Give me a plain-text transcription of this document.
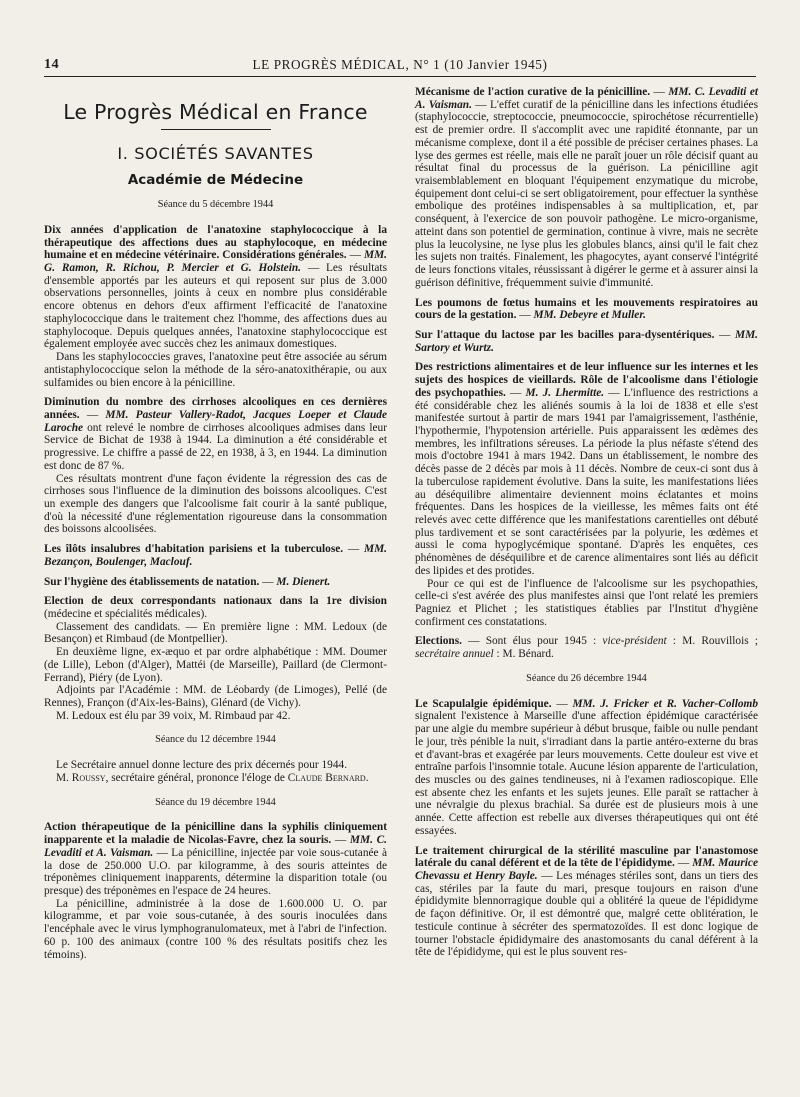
14	LE PROGRÈS MÉDICAL, N° 1 (10 Janvier 1945)
Le Progrès Médical en France
I. SOCIÉTÉS SAVANTES
Académie de Médecine
Séance du 5 décembre 1944

Dix années d'application de l'anatoxine staphylococcique à la thérapeutique des affections dues au staphylocoque, en médecine humaine et en médecine vétérinaire. Considérations générales. — MM. G. Ramon, R. Richou, P. Mercier et G. Holstein. — Les résultats d'ensemble apportés par les auteurs et qui reposent sur plus de 3.000 observations personnelles, joints à ceux en nombre plus considérable encore obtenus en dehors d'eux affirment l'efficacité de l'anatoxine staphylococcique dans le traitement chez l'homme, des affections dues au staphylocoque. Depuis quelques années, l'anatoxine staphylococcique est également employée avec succès chez les animaux domestiques.

Dans les staphylococcies graves, l'anatoxine peut être associée au sérum antistaphylococcique selon la méthode de la séro-anatoxithérapie, ou aux sulfamides ou bien encore à la pénicilline.

Diminution du nombre des cirrhoses alcooliques en ces dernières années. — MM. Pasteur Vallery-Radot, Jacques Loeper et Claude Laroche ont relevé le nombre de cirrhoses alcooliques admises dans leur Service de Bichat de 1938 à 1944. La diminution a été considérable et progressive. Le chiffre a passé de 22, en 1938, à 3, en 1944. La diminution est donc de 87 %.

Ces résultats montrent d'une façon évidente la régression des cas de cirrhoses sous l'influence de la diminution des boissons alcooliques. C'est un exemple des dangers que l'alcoolisme fait courir à la santé publique, d'où la nécessité d'une réglementation rigoureuse dans la consommation des boissons alcoolisées.

Les îlôts insalubres d'habitation parisiens et la tuberculose. — MM. Bezançon, Boulenger, Maclouf.

Sur l'hygiène des établissements de natation. — M. Dienert.

Election de deux correspondants nationaux dans la 1re division (médecine et spécialités médicales).

Classement des candidats. — En première ligne : MM. Ledoux (de Besançon) et Rimbaud (de Montpellier).

En deuxième ligne, ex-æquo et par ordre alphabétique : MM. Doumer (de Lille), Lebon (d'Alger), Mattéi (de Marseille), Paillard (de Clermont-Ferrand), Piéry (de Lyon).

Adjoints par l'Académie : MM. de Léobardy (de Limoges), Pellé (de Rennes), Françon (d'Aix-les-Bains), Glénard (de Vichy).

M. Ledoux est élu par 39 voix, M. Rimbaud par 42.

Séance du 12 décembre 1944

Le Secrétaire annuel donne lecture des prix décernés pour 1944.

M. Roussy, secrétaire général, prononce l'éloge de Claude Bernard.

Séance du 19 décembre 1944

Action thérapeutique de la pénicilline dans la syphilis cliniquement inapparente et la maladie de Nicolas-Favre, chez la souris. — MM. C. Levaditi et A. Vaisman. — La pénicilline, injectée par voie sous-cutanée à la dose de 250.000 U.O. par kilogramme, à des souris atteintes de tréponèmes cliniquement inapparents, détermine la disparition totale (ou presque) des tréponèmes en l'espace de 24 heures.

La pénicilline, administrée à la dose de 1.600.000 U. O. par kilogramme, et par voie sous-cutanée, à des souris inoculées dans l'encéphale avec le virus lymphogranulomateux, met à l'abri de l'infection. 60 p. 100 des animaux (contre 100 % des résultats positifs chez les témoins).

Mécanisme de l'action curative de la pénicilline. — MM. C. Levaditi et A. Vaisman. — L'effet curatif de la pénicilline dans les infections étudiées (staphylococcie, streptococcie, pneumococcie, spirochétose récurrentielle) est de premier ordre. Il s'accomplit avec une rapidité étonnante, par un mécanisme complexe, dont il a été possible de préciser certaines phases. La lyse des germes est réelle, mais elle ne paraît jouer un rôle décisif quant au résultat final du processus de la guérison. La pénicilline agit vraisemblablement en bloquant l'équipement enzymatique du microbe, équipement dont celui-ci se sert obligatoirement, pour effectuer la synthèse embolique des protéines indispensables à sa multiplication, et, par conséquent, à l'exercice de son pouvoir pathogène. Le micro-organisme, atteint dans son potentiel de germination, continue à vivre, mais ne secrète plus la leucolysine, ne lyse plus les globules blancs, ainsi qu'il le fait chez les sujets non traités. Finalement, les phagocytes, ayant conservé l'intégrité de leurs fonctions vitales, réussissant à digérer le germe et à assurer ainsi la guérison définitive, fréquemment suivie d'immunité.

Les poumons de fœtus humains et les mouvements respiratoires au cours de la gestation. — MM. Debeyre et Muller.

Sur l'attaque du lactose par les bacilles para-dysentériques. — MM. Sartory et Wurtz.

Des restrictions alimentaires et de leur influence sur les internes et les sujets des hospices de vieillards. Rôle de l'alcoolisme dans l'étiologie des psychopathies. — M. J. Lhermitte. — L'influence des restrictions a été considérable chez les aliénés soumis à la loi de 1838 et elle s'est manifestée surtout à partir de mars 1941 par l'amaigrissement, l'asthénie, l'hypothermie, l'hypotension artérielle. Puis apparaissent les œdèmes des membres, les infiltrations séreuses. La période la plus néfaste s'étend des mois d'octobre 1941 à mars 1942. Dans un établissement, le nombre des décès passe de 2 décès par mois à 11 décès. Nombre de ceux-ci sont dus à la tuberculose rapidement évolutive. Dans la suite, les manifestations liées au déséquilibre alimentaire deviennent moins éclatantes et moins fréquentes. Dans les hospices de la vieillesse, les mêmes faits ont été relevés avec cette différence que les manifestations carentielles ont débuté plus tardivement et se sont caractérisées par la polyurie, les œdèmes et aussi le coma hypoglycémique spontané. D'après les enquêtes, ces phénomènes de déséquilibre et de carence alimentaires sont liés au déficit des lipides et des protides.

Pour ce qui est de l'influence de l'alcoolisme sur les psychopathies, celle-ci s'est avérée des plus manifestes ainsi que l'ont relaté les premiers Pagniez et Plichet ; les statistiques établies par l'Institut d'hygiène confirment ces constatations.

Elections. — Sont élus pour 1945 : vice-président : M. Rouvillois ; secrétaire annuel : M. Bénard.

Séance du 26 décembre 1944

Le Scapulalgie épidémique. — MM. J. Fricker et R. Vacher-Collomb signalent l'existence à Marseille d'une affection épidémique caractérisée par une algie du membre supérieur à début brusque, faible ou nulle pendant le jour, très pénible la nuit, s'irradiant dans la partie antéro-externe du bras et d'avant-bras et exagérée par leurs mouvements. Cette douleur est vive et entraîne parfois l'insomnie totale. Aucune lésion apparente de l'articulation, des muscles ou des gaines tendineuses, ni à l'examen radioscopique. Elle est absente chez les enfants et les sujets jeunes. Elle paraît se rattacher à une névralgie du plexus brachial. Sa durée est de plusieurs mois à une année. Cette affection est rebelle aux diverses thérapeutiques qui ont été essayées.

Le traitement chirurgical de la stérilité masculine par l'anastomose latérale du canal déférent et de la tête de l'épididyme. — MM. Maurice Chevassu et Henry Bayle. — Les ménages stériles sont, dans un tiers des cas, stériles par la faute du mari, presque toujours en raison d'une épididymite blennorragique double qui a oblitéré la queue de l'épididyme de façon définitive. Or, il est démontré que, malgré cette oblitération, le testicule continue à sécréter des spermatozoïdes. Il est donc logique de tourner l'obstacle épididymaire des anastomosants du canal déférent à la tête de l'épididyme, qui est le plus souvent res-
